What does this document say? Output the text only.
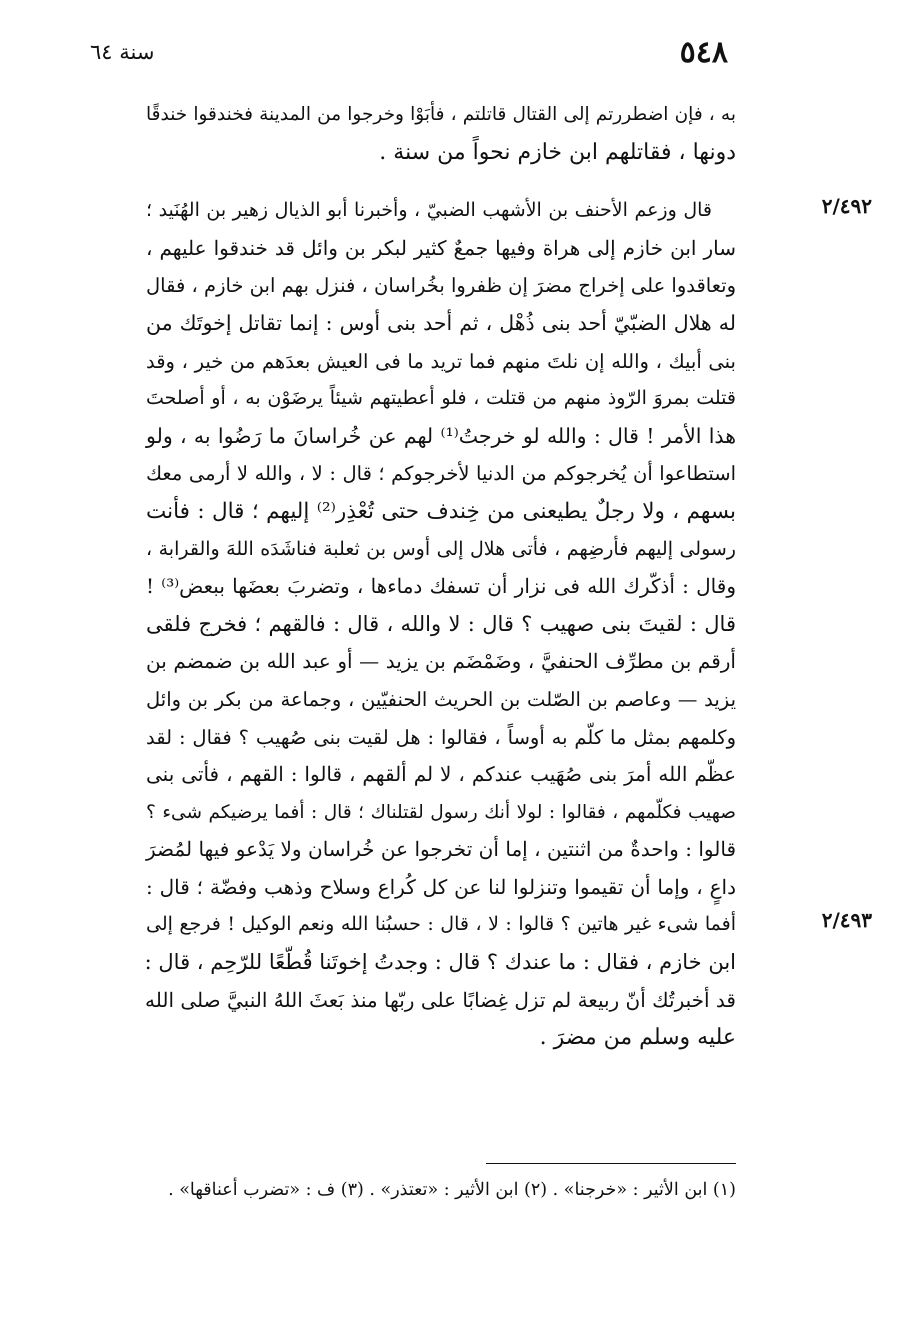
٥٤٨
سنة ٦٤
٢/٤٩٢
٢/٤٩٣
به ، فإن اضطررتم إلى القتال قاتلتم ، فأبَوْا وخرجوا من المدينة فخندقوا خندقًا
دونها ، فقاتلهم ابن خازم نحواً من سنة .
قال وزعم الأحنف بن الأشهب الضبيّ ، وأخبرنا أبو الذيال زهير بن الهُنَيد ؛
سار ابن خازم إلى هراة وفيها جمعٌ كثير لبكر بن وائل قد خندقوا عليهم ،
وتعاقدوا على إخراج مضرَ إن ظفروا بخُراسان ، فنزل بهم ابن خازم ، فقال
له هلال الضبّيّ أحد بنى ذُهْل ، ثم أحد بنى أوس : إنما تقاتل إخوتَك من
بنى أبيك ، والله إن نلتَ منهم فما تريد ما فى العيش بعدَهم من خير ، وقد
قتلت بمروَ الرّوذ منهم من قتلت ، فلو أعطيتهم شيئاً يرضَوْن به ، أو أصلحتَ
هذا الأمر ! قال : والله لو خرجتُ⁽¹⁾ لهم عن خُراسانَ ما رَضُوا به ، ولو
استطاعوا أن يُخرجوكم من الدنيا لأخرجوكم ؛ قال : لا ، والله لا أرمى معك
بسهم ، ولا رجلٌ يطيعنى من خِندف حتى تُعْذِر⁽²⁾ إليهم ؛ قال : فأنت
رسولى إليهم فأرضِهم ، فأتى هلال إلى أوس بن ثعلبة فناشَدَه اللهَ والقرابة ،
وقال : أذكّرك الله فى نزار أن تسفك دماءها ، وتضربَ بعضَها ببعض⁽³⁾ !
قال : لقيتَ بنى صهيب ؟ قال : لا والله ، قال : فالقهم ؛ فخرج فلقى
أرقم بن مطرِّف الحنفيَّ ، وضَمْضَم بن يزيد — أو عبد الله بن ضمضم بن
يزيد — وعاصم بن الصّلت بن الحريث الحنفيّين ، وجماعة من بكر بن وائل
وكلمهم بمثل ما كلّم به أوساً ، فقالوا : هل لقيت بنى صُهيب ؟ فقال : لقد
عظّم الله أمرَ بنى صُهَيب عندكم ، لا لم ألقهم ، قالوا : القهم ، فأتى بنى
صهيب فكلّمهم ، فقالوا : لولا أنك رسول لقتلناك ؛ قال : أفما يرضيكم شىء ؟
قالوا : واحدةٌ من اثنتين ، إما أن تخرجوا عن خُراسان ولا يَدْعو فيها لمُضرَ
داعٍ ، وإما أن تقيموا وتنزلوا لنا عن كل كُراع وسلاح وذهب وفضّة ؛ قال :
أفما شىء غير هاتين ؟ قالوا : لا ، قال : حسبُنا الله ونعم الوكيل ! فرجع إلى
ابن خازم ، فقال : ما عندك ؟ قال : وجدتُ إخوتَنا قُطّعًا للرّحِم ، قال :
قد أخبرتُك أنّ ربيعة لم تزل غِضابًا على ربّها منذ بَعثَ اللهُ النبيَّ صلى الله
عليه وسلم من مضرَ .
(١) ابن الأثير : «خرجنا» . (٢) ابن الأثير : «تعتذر» . (٣) ف : «تضرب أعناقها» .
